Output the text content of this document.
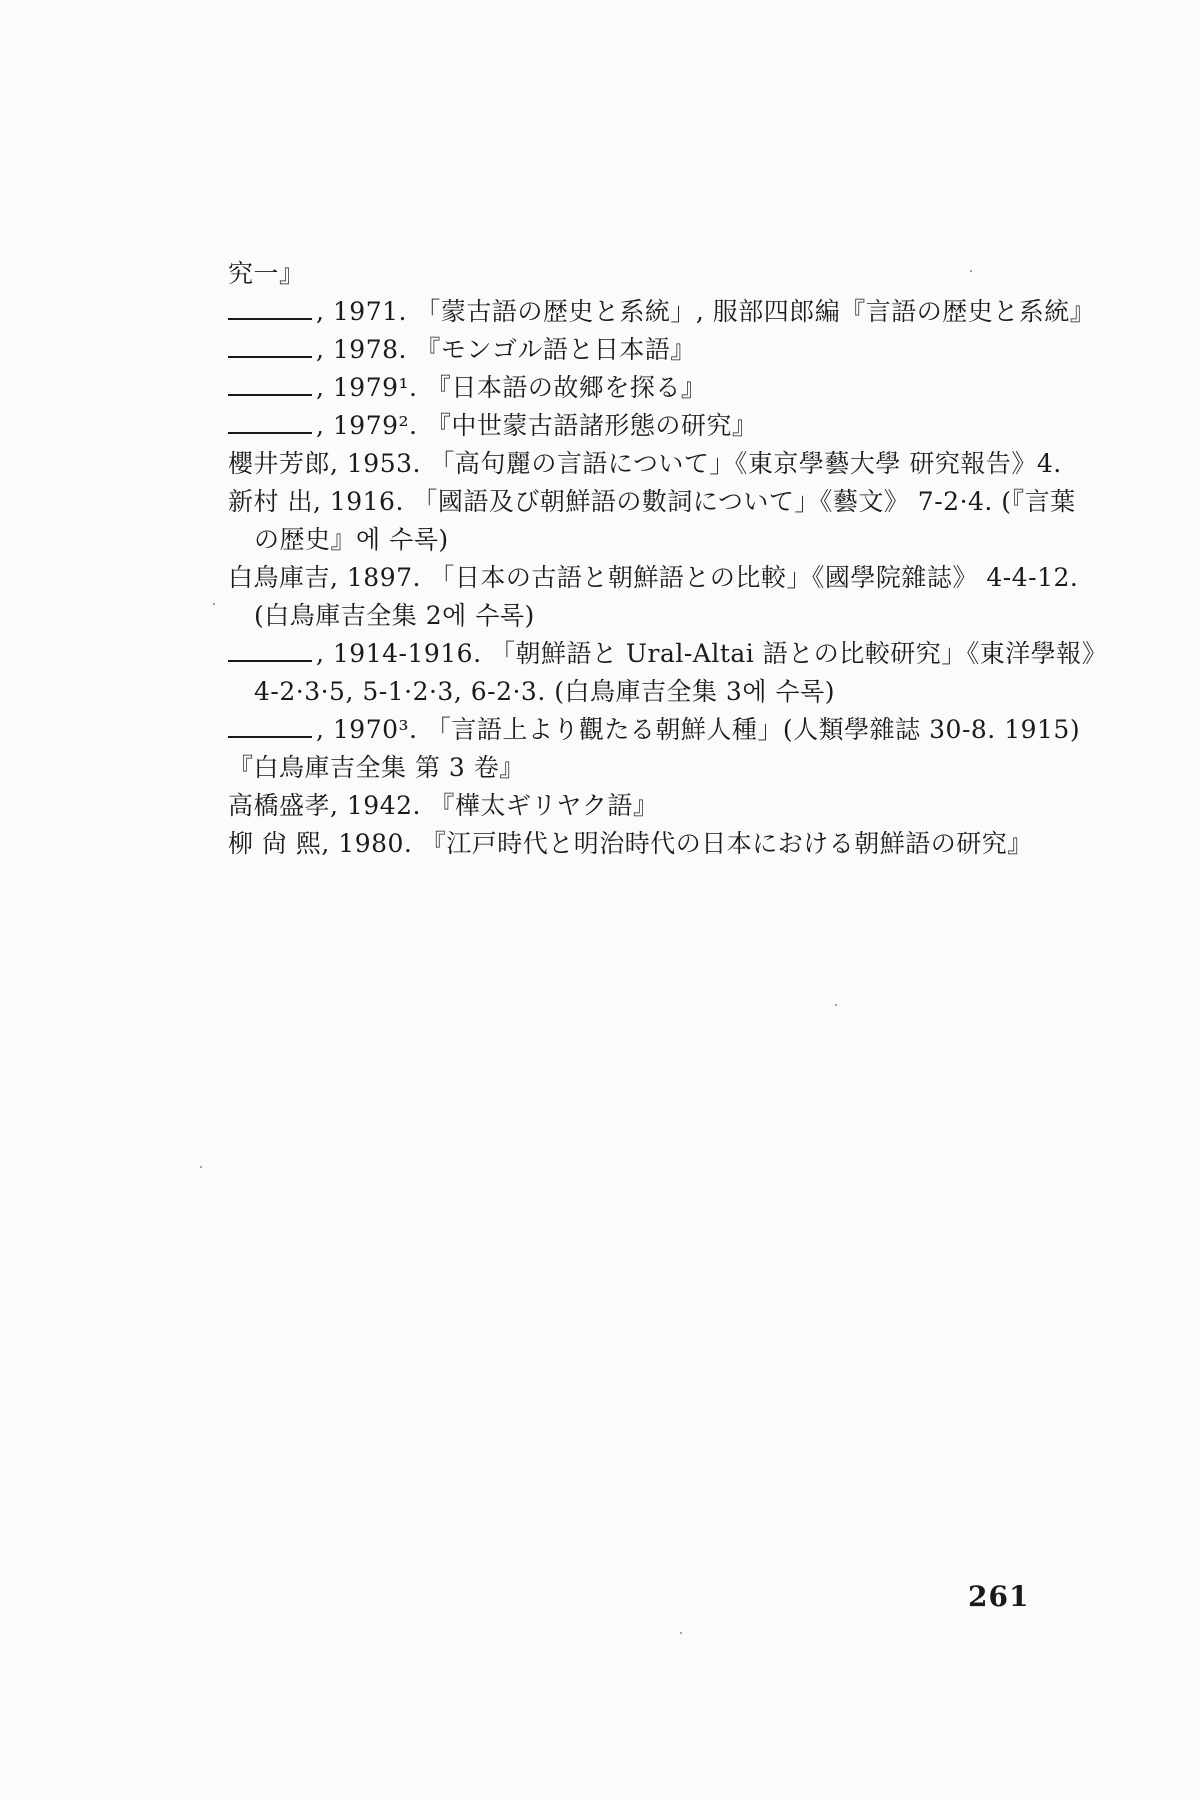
究一』
, 1971. 「蒙古語の歴史と系統」, 服部四郎編『言語の歴史と系統』
, 1978. 『モンゴル語と日本語』
, 1979¹. 『日本語の故郷を探る』
, 1979². 『中世蒙古語諸形態の研究』
櫻井芳郎, 1953. 「高句麗の言語について」《東京學藝大學 研究報告》4.
新村 出, 1916. 「國語及び朝鮮語の數詞について」《藝文》 7-2·4. (『言葉
の歴史』에 수록)
白鳥庫吉, 1897. 「日本の古語と朝鮮語との比較」《國學院雜誌》 4-4-12.
(白鳥庫吉全集 2에 수록)
, 1914-1916. 「朝鮮語と Ural-Altai 語との比較研究」《東洋學報》
4-2·3·5, 5-1·2·3, 6-2·3. (白鳥庫吉全集 3에 수록)
, 1970³. 「言語上より觀たる朝鮮人種」(人類學雜誌 30-8. 1915)
『白鳥庫吉全集 第 3 卷』
高橋盛孝, 1942. 『樺太ギリヤク語』
柳 尙 熙, 1980. 『江戸時代と明治時代の日本における朝鮮語の研究』
261
